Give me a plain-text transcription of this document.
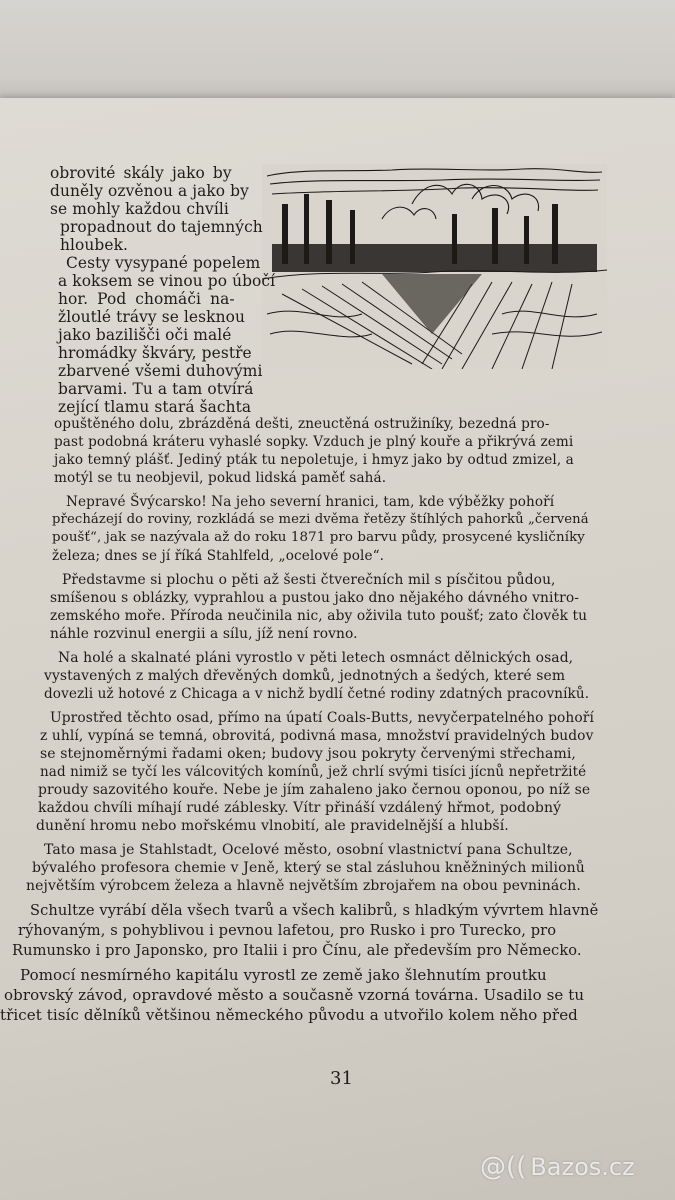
obrovité skály jako by
duněly ozvěnou a jako by
se mohly každou chvíli
propadnout do tajemných
hloubek.
Cesty vysypané popelem
a koksem se vinou po úbočí
hor. Pod chomáči na-
žloutlé trávy se lesknou
jako bazilišči oči malé
hromádky škváry, pestře
zbarvené všemi duhovými
barvami. Tu a tam otvírá
zející tlamu stará šachta
opuštěného dolu, zbrázděná dešti, zneuctěná ostružiníky, bezedná pro-
past podobná kráteru vyhaslé sopky. Vzduch je plný kouře a přikrývá zemi
jako temný plášť. Jediný pták tu nepoletuje, i hmyz jako by odtud zmizel, a
motýl se tu neobjevil, pokud lidská paměť sahá.
Nepravé Švýcarsko! Na jeho severní hranici, tam, kde výběžky pohoří
přecházejí do roviny, rozkládá se mezi dvěma řetězy štíhlých pahorků „červená
poušť“, jak se nazývala až do roku 1871 pro barvu půdy, prosycené kysličníky
železa; dnes se jí říká Stahlfeld, „ocelové pole“.
Představme si plochu o pěti až šesti čtverečních mil s písčitou půdou,
smíšenou s oblázky, vyprahlou a pustou jako dno nějakého dávného vnitro-
zemského moře. Příroda neučinila nic, aby oživila tuto poušť; zato člověk tu
náhle rozvinul energii a sílu, jíž není rovno.
Na holé a skalnaté pláni vyrostlo v pěti letech osmnáct dělnických osad,
vystavených z malých dřevěných domků, jednotných a šedých, které sem
dovezli už hotové z Chicaga a v nichž bydlí četné rodiny zdatných pracovníků.
Uprostřed těchto osad, přímo na úpatí Coals-Butts, nevyčerpatelného pohoří
z uhlí, vypíná se temná, obrovitá, podivná masa, množství pravidelných budov
se stejnoměrnými řadami oken; budovy jsou pokryty červenými střechami,
nad nimiž se tyčí les válcovitých komínů, jež chrlí svými tisíci jícnů nepřetržité
proudy sazovitého kouře. Nebe je jím zahaleno jako černou oponou, po níž se
každou chvíli míhají rudé záblesky. Vítr přináší vzdálený hřmot, podobný
dunění hromu nebo mořskému vlnobití, ale pravidelnější a hlubší.
Tato masa je Stahlstadt, Ocelové město, osobní vlastnictví pana Schultze,
bývalého profesora chemie v Jeně, který se stal zásluhou kněžniných milionů
největším výrobcem železa a hlavně největším zbrojařem na obou pevninách.
Schultze vyrábí děla všech tvarů a všech kalibrů, s hladkým vývrtem hlavně
rýhovaným, s pohyblivou i pevnou lafetou, pro Rusko i pro Turecko, pro
Rumunsko i pro Japonsko, pro Italii i pro Čínu, ale především pro Německo.
Pomocí nesmírného kapitálu vyrostl ze země jako šlehnutím proutku
obrovský závod, opravdové město a současně vzorná továrna. Usadilo se tu
třicet tisíc dělníků většinou německého původu a utvořilo kolem něho před
31
@(( Bazos.cz
